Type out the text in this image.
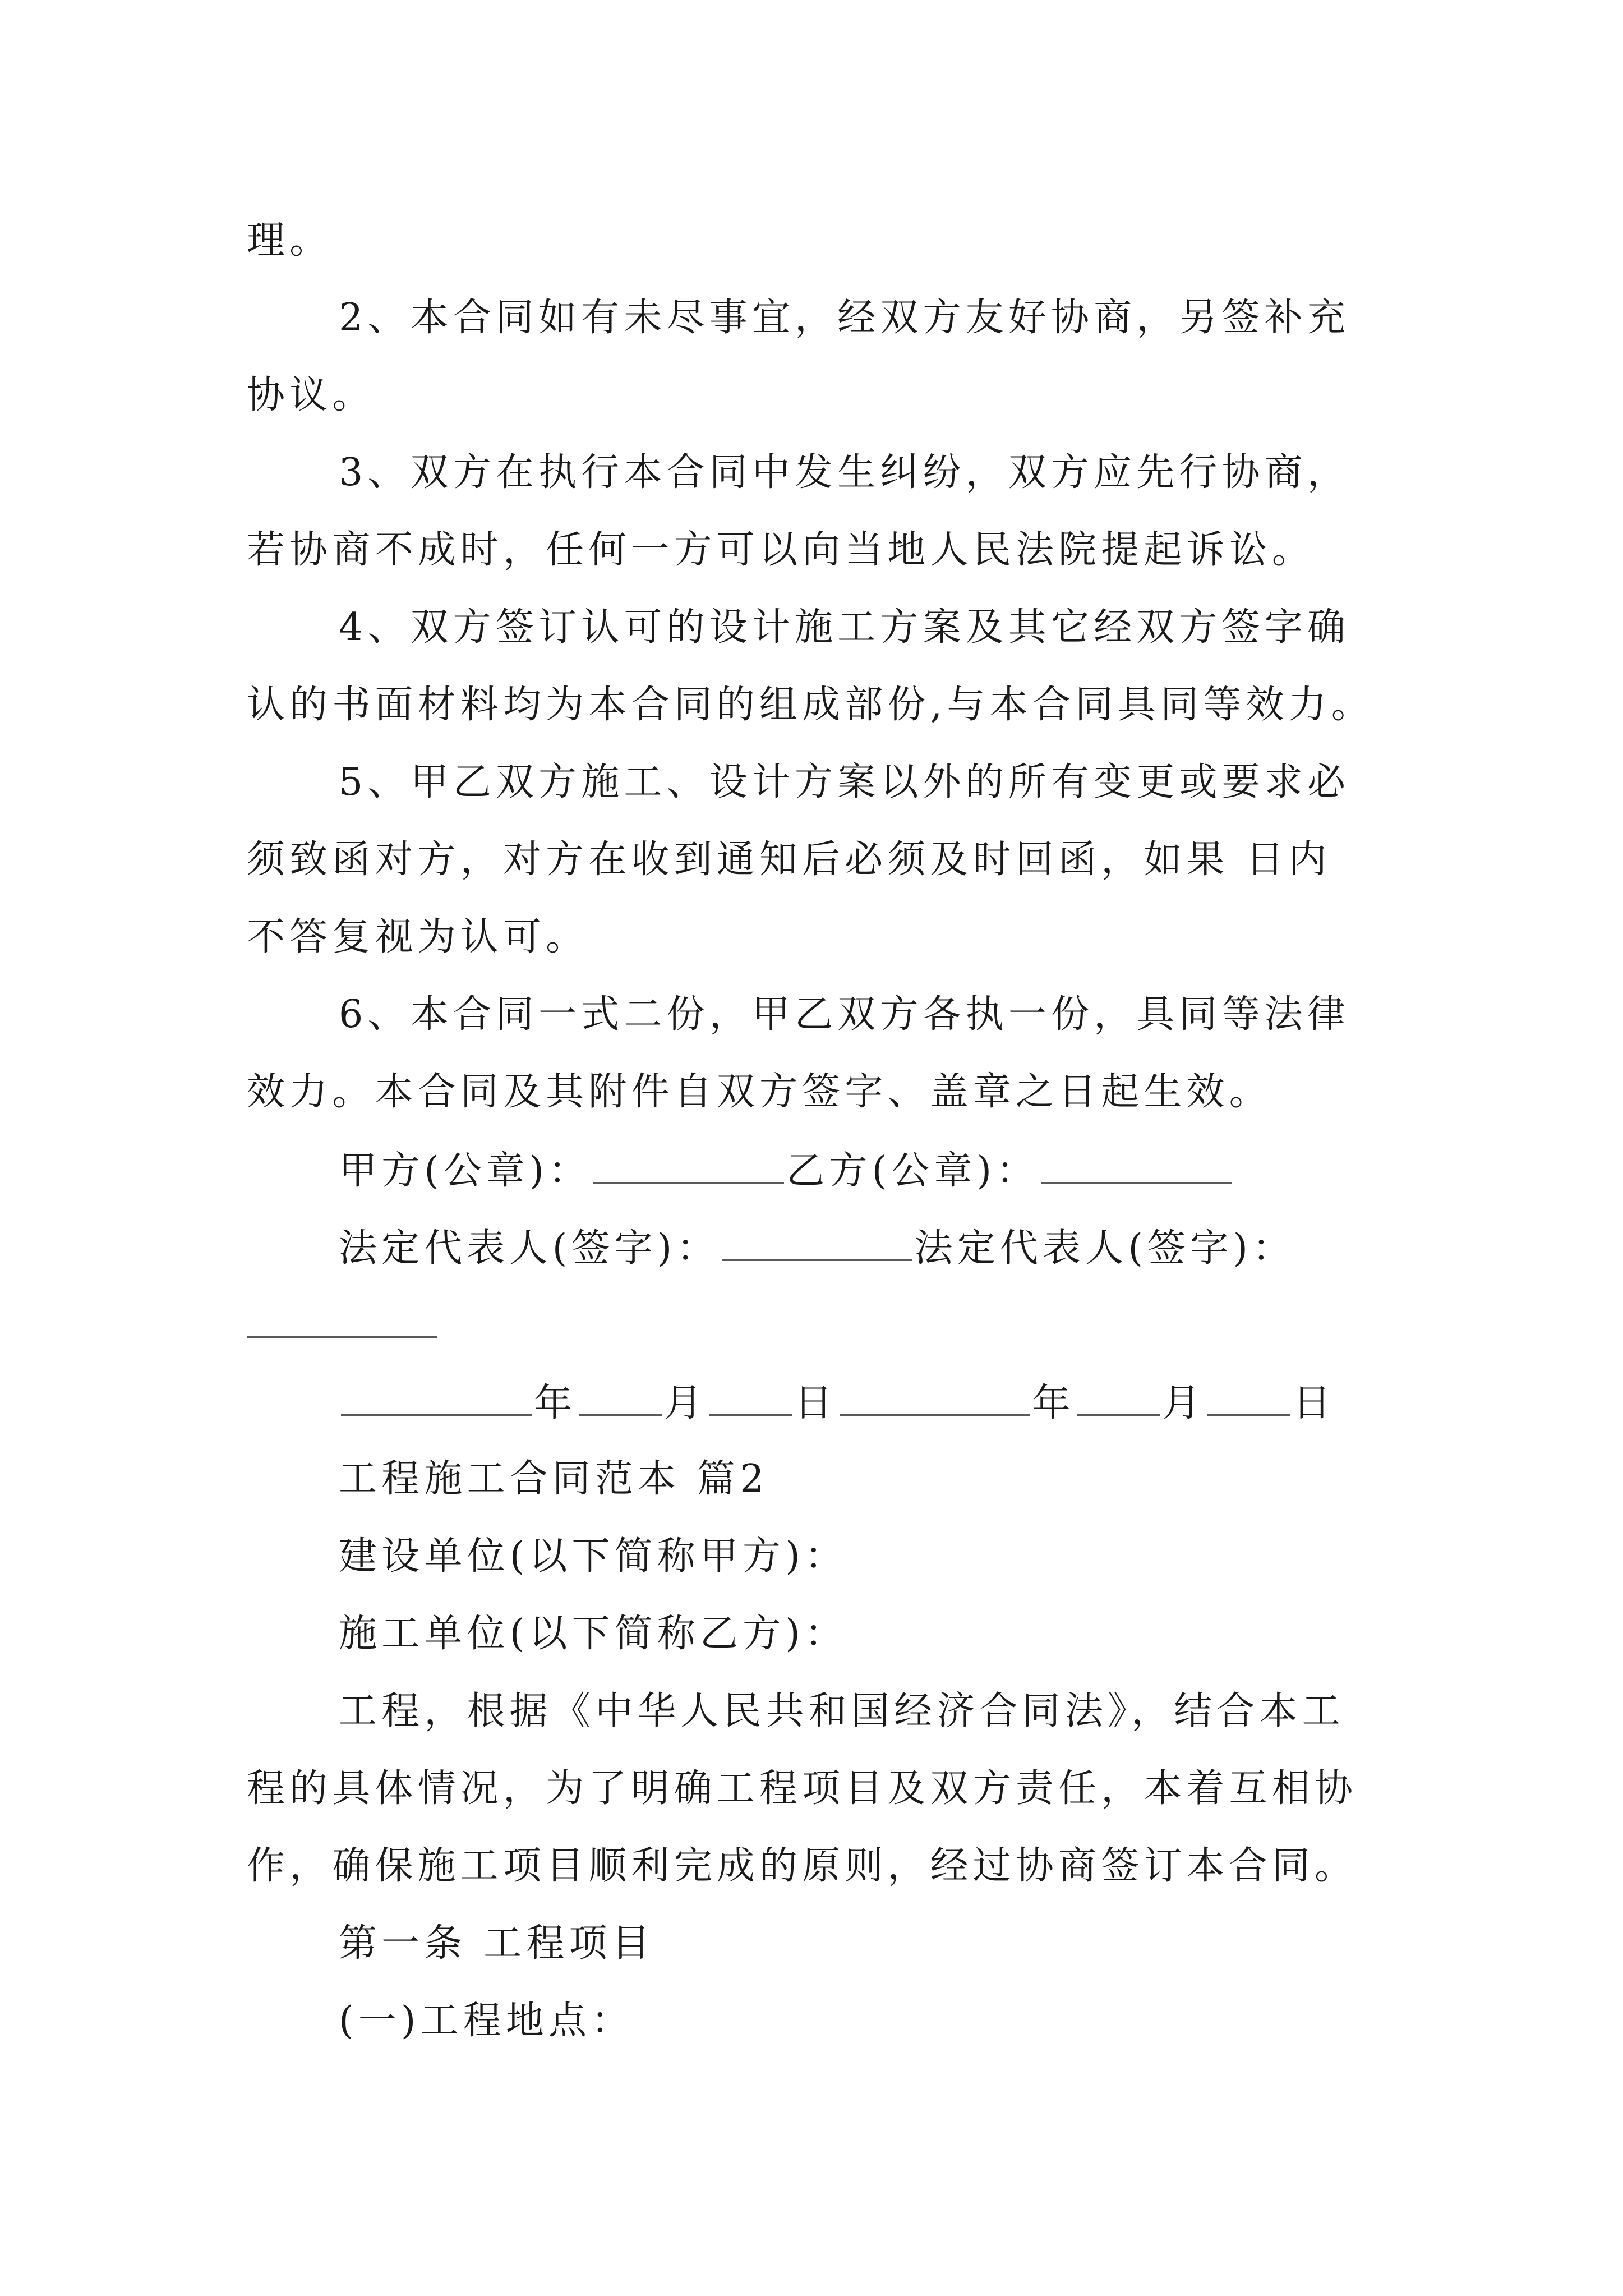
理。

2、本合同如有未尽事宜，经双方友好协商，另签补充

协议。

3、双方在执行本合同中发生纠纷，双方应先行协商，

若协商不成时，任何一方可以向当地人民法院提起诉讼。

4、双方签订认可的设计施工方案及其它经双方签字确

认的书面材料均为本合同的组成部份,与本合同具同等效力。

5、甲乙双方施工、设计方案以外的所有变更或要求必

须致函对方，对方在收到通知后必须及时回函，如果 日内

不答复视为认可。

6、本合同一式二份，甲乙双方各执一份，具同等法律

效力。本合同及其附件自双方签字、盖章之日起生效。

甲方(公章)：	乙方(公章)：

法定代表人(签字)：	法定代表人(签字)：

年 月 日	年 月 日

工程施工合同范本 篇2

建设单位(以下简称甲方)：

施工单位(以下简称乙方)：

工程，根据《中华人民共和国经济合同法》，结合本工

程的具体情况，为了明确工程项目及双方责任，本着互相协

作，确保施工项目顺利完成的原则，经过协商签订本合同。

第一条 工程项目

(一)工程地点：
